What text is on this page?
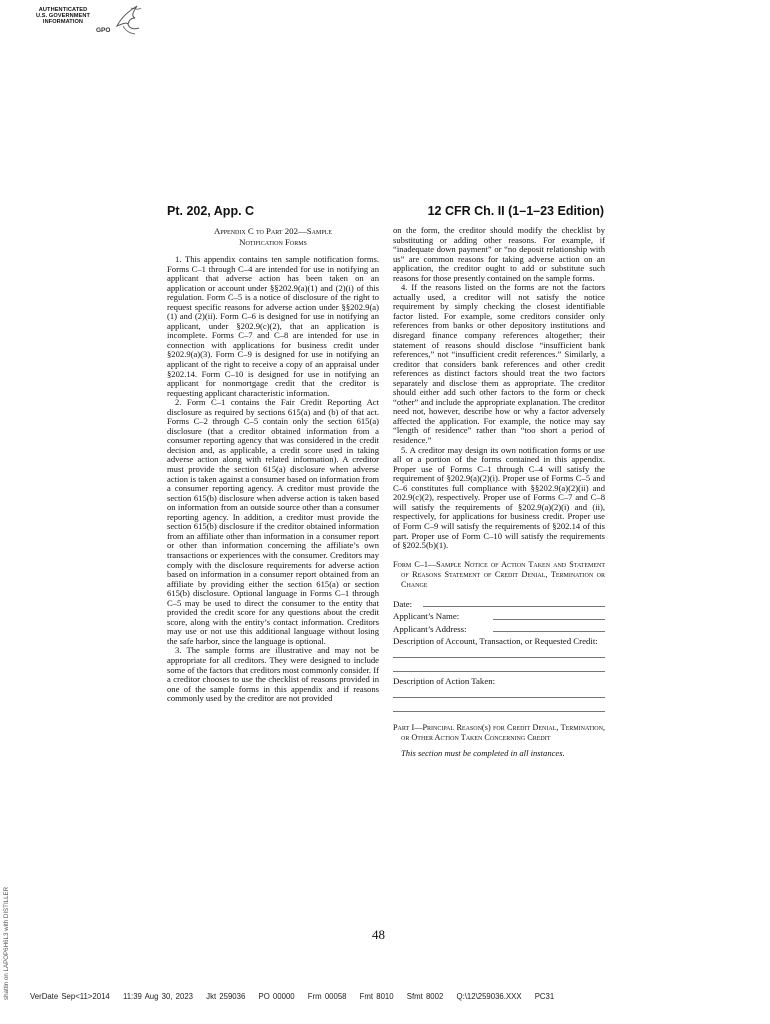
AUTHENTICATED
U.S. GOVERNMENT
INFORMATION
GPO
Pt. 202, App. C	12 CFR Ch. II (1–1–23 Edition)
Appendix C to Part 202—Sample
Notification Forms

1. This appendix contains ten sample notification forms. Forms C–1 through C–4 are intended for use in notifying an applicant that adverse action has been taken on an application or account under §§202.9(a)(1) and (2)(i) of this regulation. Form C–5 is a notice of disclosure of the right to request specific reasons for adverse action under §§202.9(a)(1) and (2)(ii). Form C–6 is designed for use in notifying an applicant, under §202.9(c)(2), that an application is incomplete. Forms C–7 and C–8 are intended for use in connection with applications for business credit under §202.9(a)(3). Form C–9 is designed for use in notifying an applicant of the right to receive a copy of an appraisal under §202.14. Form C–10 is designed for use in notifying an applicant for nonmortgage credit that the creditor is requesting applicant characteristic information.

2. Form C–1 contains the Fair Credit Reporting Act disclosure as required by sections 615(a) and (b) of that act. Forms C–2 through C–5 contain only the section 615(a) disclosure (that a creditor obtained information from a consumer reporting agency that was considered in the credit decision and, as applicable, a credit score used in taking adverse action along with related information). A creditor must provide the section 615(a) disclosure when adverse action is taken against a consumer based on information from a consumer reporting agency. A creditor must provide the section 615(b) disclosure when adverse action is taken based on information from an outside source other than a consumer reporting agency. In addition, a creditor must provide the section 615(b) disclosure if the creditor obtained information from an affiliate other than information in a consumer report or other than information concerning the affiliate’s own transactions or experiences with the consumer. Creditors may comply with the disclosure requirements for adverse action based on information in a consumer report obtained from an affiliate by providing either the section 615(a) or section 615(b) disclosure. Optional language in Forms C–1 through C–5 may be used to direct the consumer to the entity that provided the credit score for any questions about the credit score, along with the entity’s contact information. Creditors may use or not use this additional language without losing the safe harbor, since the language is optional.

3. The sample forms are illustrative and may not be appropriate for all creditors. They were designed to include some of the factors that creditors most commonly consider. If a creditor chooses to use the checklist of reasons provided in one of the sample forms in this appendix and if reasons commonly used by the creditor are not provided

on the form, the creditor should modify the checklist by substituting or adding other reasons. For example, if “inadequate down payment” or “no deposit relationship with us” are common reasons for taking adverse action on an application, the creditor ought to add or substitute such reasons for those presently contained on the sample forms.

4. If the reasons listed on the forms are not the factors actually used, a creditor will not satisfy the notice requirement by simply checking the closest identifiable factor listed. For example, some creditors consider only references from banks or other depository institutions and disregard finance company references altogether; their statement of reasons should disclose “insufficient bank references,” not “insufficient credit references.” Similarly, a creditor that considers bank references and other credit references as distinct factors should treat the two factors separately and disclose them as appropriate. The creditor should either add such other factors to the form or check “other” and include the appropriate explanation. The creditor need not, however, describe how or why a factor adversely affected the application. For example, the notice may say “length of residence” rather than “too short a period of residence.”

5. A creditor may design its own notification forms or use all or a portion of the forms contained in this appendix. Proper use of Forms C–1 through C–4 will satisfy the requirement of §202.9(a)(2)(i). Proper use of Forms C–5 and C–6 constitutes full compliance with §§202.9(a)(2)(ii) and 202.9(c)(2), respectively. Proper use of Forms C–7 and C–8 will satisfy the requirements of §202.9(a)(2)(i) and (ii), respectively, for applications for business credit. Proper use of Form C–9 will satisfy the requirements of §202.14 of this part. Proper use of Form C–10 will satisfy the requirements of §202.5(b)(1).

Form C–1—Sample Notice of Action Taken and Statement of Reasons Statement of Credit Denial, Termination or Change
Date:
Applicant’s Name:
Applicant’s Address:
Description of Account, Transaction, or Requested Credit:
Description of Action Taken:
Part I—Principal Reason(s) for Credit Denial, Termination, or Other Action Taken Concerning Credit

This section must be completed in all instances.

48
shattin on LAPOP6H6L3 with DISTILLER	VerDate Sep<11>2014 11:39 Aug 30, 2023 Jkt 259036 PO 00000 Frm 00058 Fmt 8010 Sfmt 8002 Q:\12\259036.XXX PC31
